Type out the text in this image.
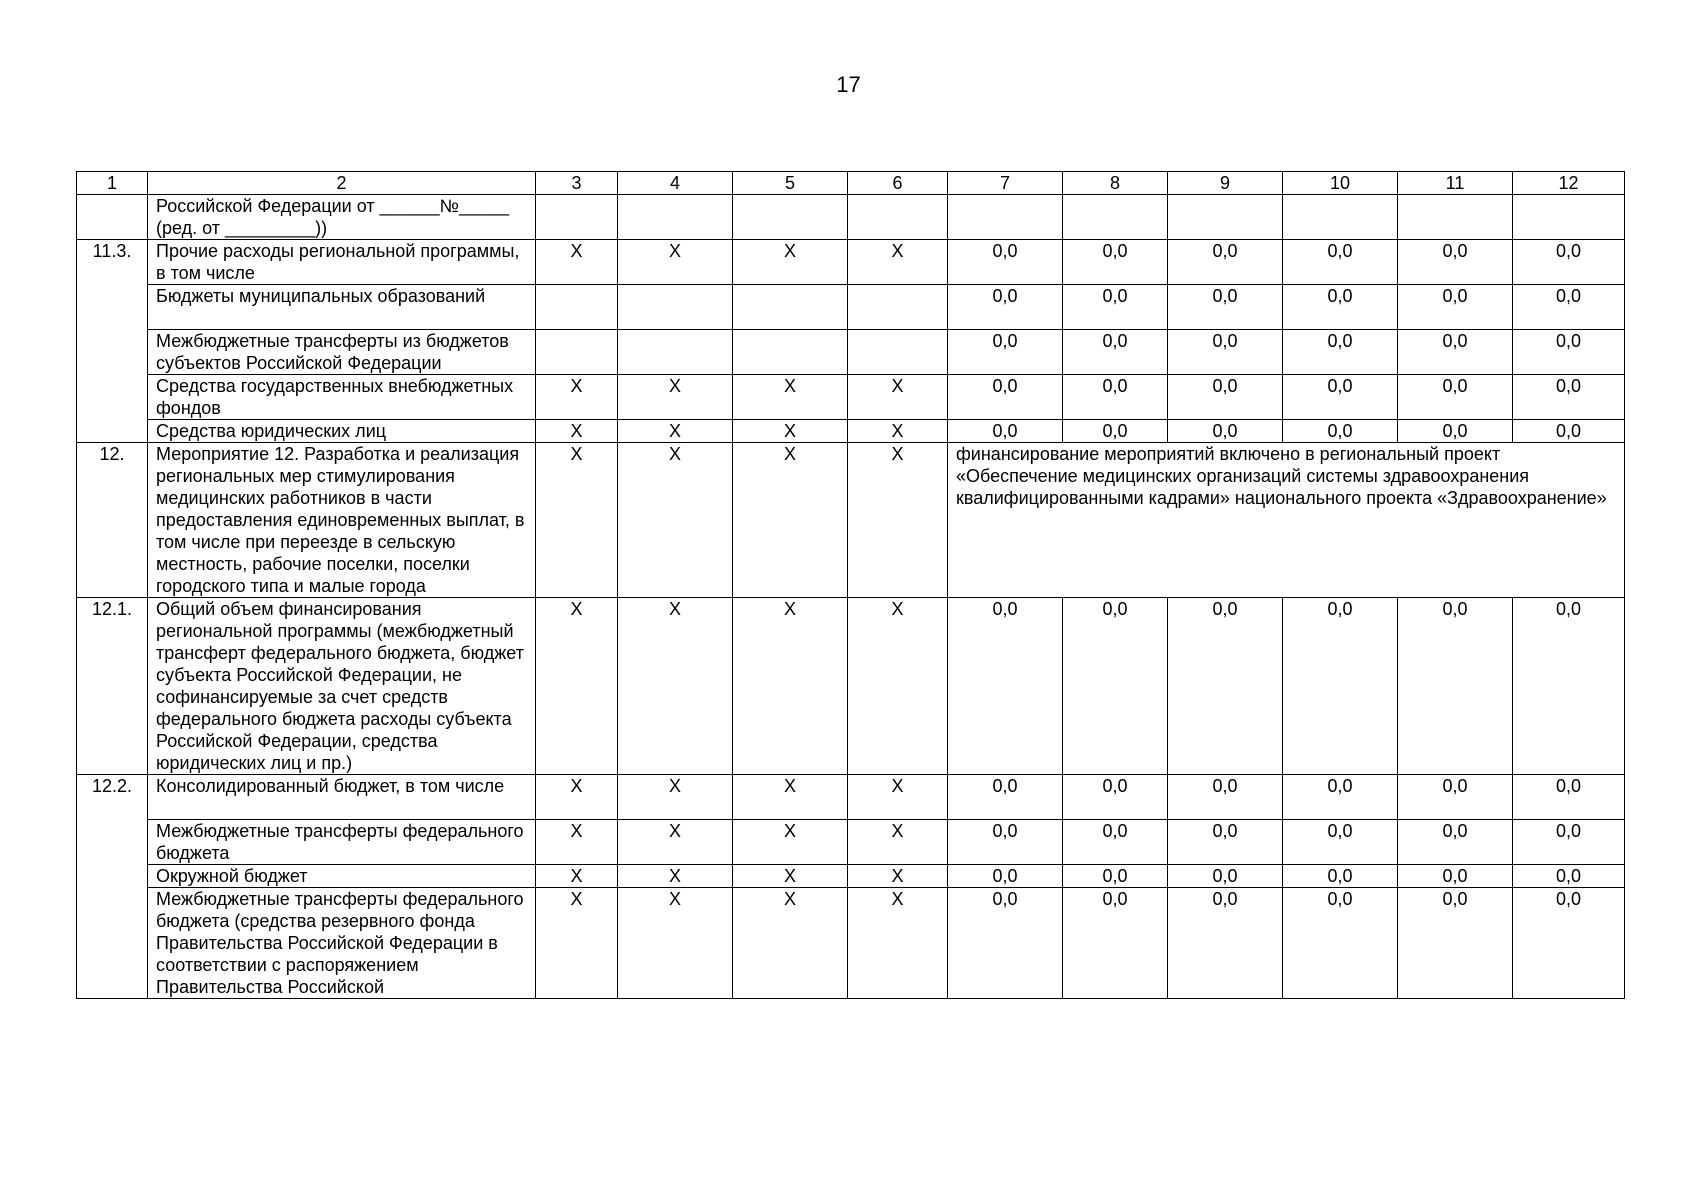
17
1	2	3	4	5	6	7	8	9	10	11	12
	Российской Федерации от ______№_____ (ред. от _________))										
11.3.	Прочие расходы региональной программы, в том числе	X	X	X	X	0,0	0,0	0,0	0,0	0,0	0,0
	Бюджеты муниципальных образований					0,0	0,0	0,0	0,0	0,0	0,0
	Межбюджетные трансферты из бюджетов субъектов Российской Федерации					0,0	0,0	0,0	0,0	0,0	0,0
	Средства государственных внебюджетных фондов	X	X	X	X	0,0	0,0	0,0	0,0	0,0	0,0
	Средства юридических лиц	X	X	X	X	0,0	0,0	0,0	0,0	0,0	0,0
12.	Мероприятие 12. Разработка и реализация региональных мер стимулирования медицинских работников в части предоставления единовременных выплат, в том числе при переезде в сельскую местность, рабочие поселки, поселки городского типа и малые города	X	X	X	X	финансирование мероприятий включено в региональный проект «Обеспечение медицинских организаций системы здравоохранения квалифицированными кадрами» национального проекта «Здравоохранение»					
12.1.	Общий объем финансирования региональной программы (межбюджетный трансферт федерального бюджета, бюджет субъекта Российской Федерации, не софинансируемые за счет средств федерального бюджета расходы субъекта Российской Федерации, средства юридических лиц и пр.)	X	X	X	X	0,0	0,0	0,0	0,0	0,0	0,0
12.2.	Консолидированный бюджет, в том числе	X	X	X	X	0,0	0,0	0,0	0,0	0,0	0,0
	Межбюджетные трансферты федерального бюджета	X	X	X	X	0,0	0,0	0,0	0,0	0,0	0,0
	Окружной бюджет	X	X	X	X	0,0	0,0	0,0	0,0	0,0	0,0
	Межбюджетные трансферты федерального бюджета (средства резервного фонда Правительства Российской Федерации в соответствии с распоряжением Правительства Российской	X	X	X	X	0,0	0,0	0,0	0,0	0,0	0,0
